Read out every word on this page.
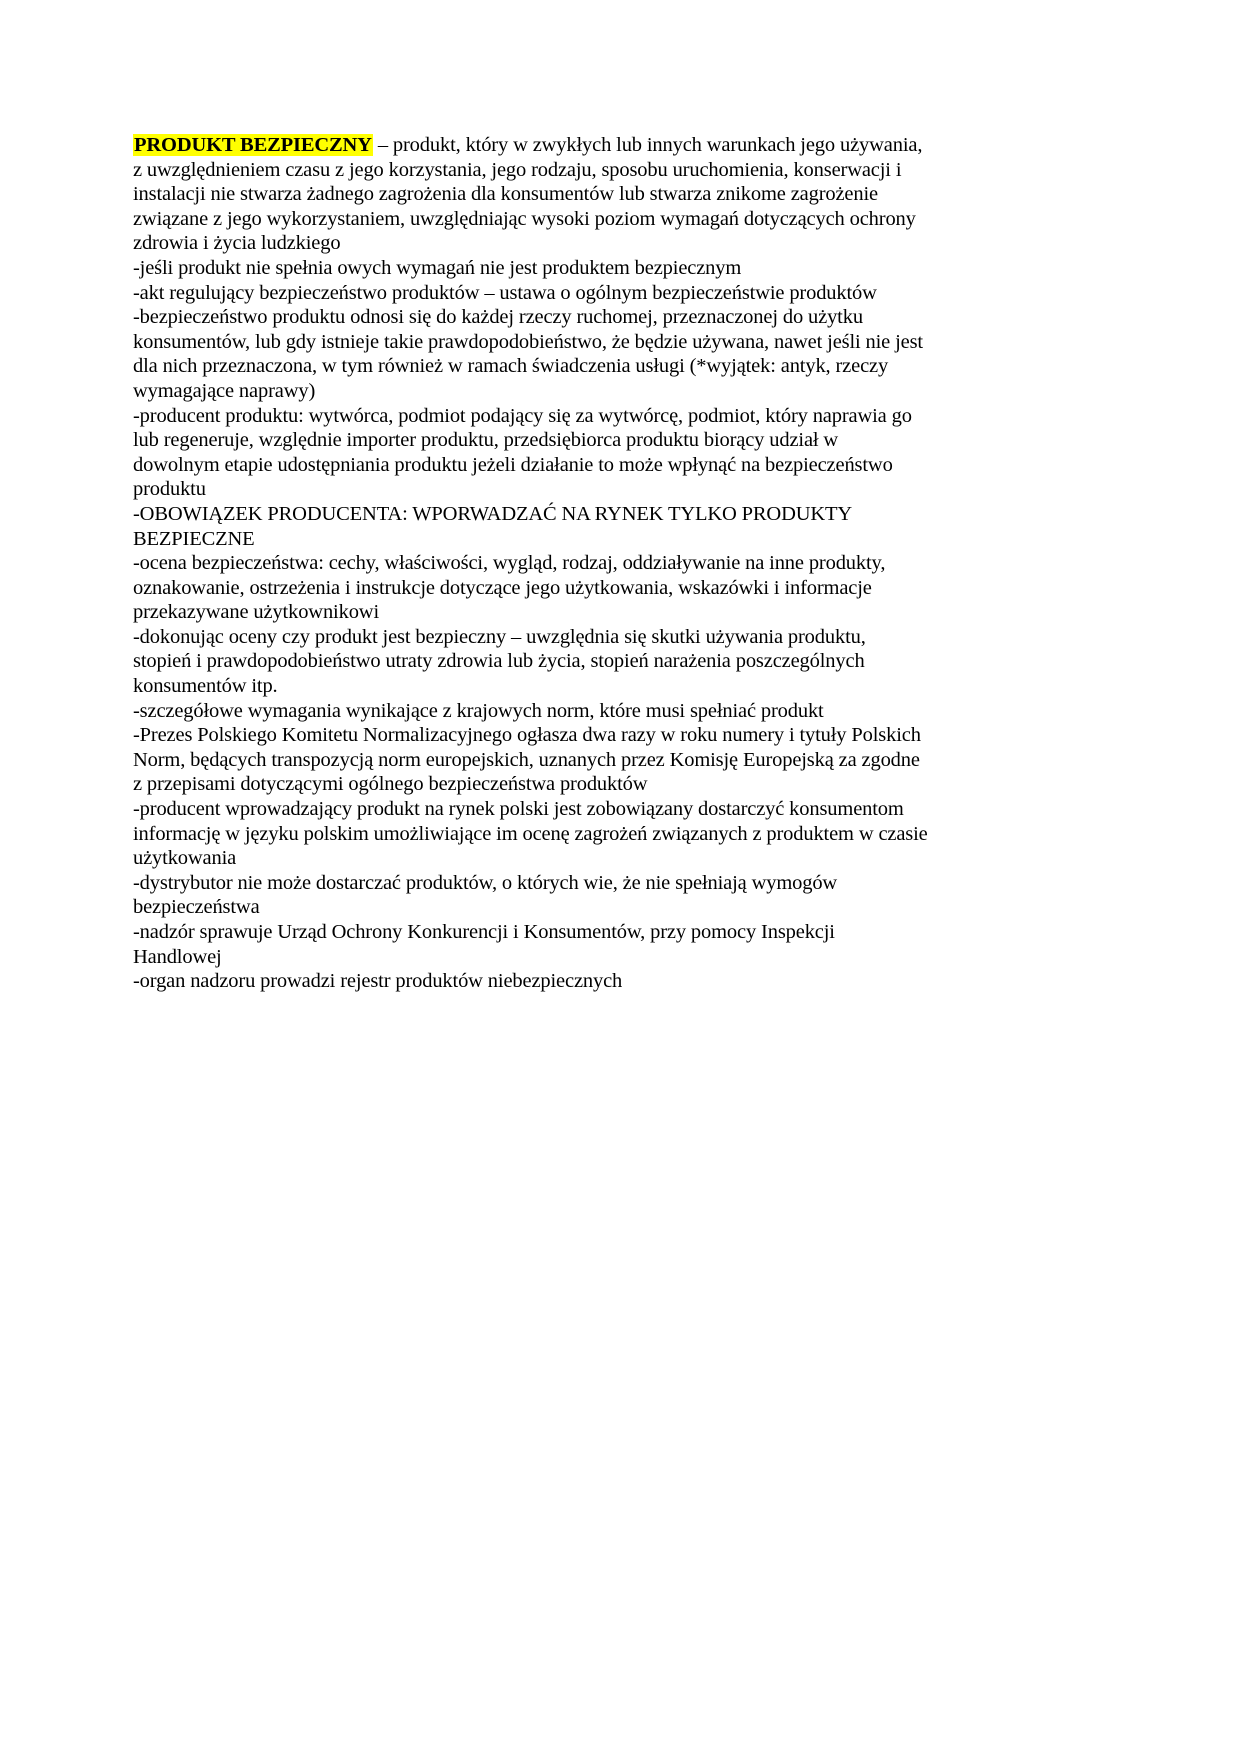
PRODUKT BEZPIECZNY – produkt, który w zwykłych lub innych warunkach jego używania,
z uwzględnieniem czasu z jego korzystania, jego rodzaju, sposobu uruchomienia, konserwacji i
instalacji nie stwarza żadnego zagrożenia dla konsumentów lub stwarza znikome zagrożenie
związane z jego wykorzystaniem, uwzględniając wysoki poziom wymagań dotyczących ochrony
zdrowia i życia ludzkiego
-jeśli produkt nie spełnia owych wymagań nie jest produktem bezpiecznym
-akt regulujący bezpieczeństwo produktów – ustawa o ogólnym bezpieczeństwie produktów
-bezpieczeństwo produktu odnosi się do każdej rzeczy ruchomej, przeznaczonej do użytku
konsumentów, lub gdy istnieje takie prawdopodobieństwo, że będzie używana, nawet jeśli nie jest
dla nich przeznaczona, w tym również w ramach świadczenia usługi (*wyjątek: antyk, rzeczy
wymagające naprawy)
-producent produktu: wytwórca, podmiot podający się za wytwórcę, podmiot, który naprawia go
lub regeneruje, względnie importer produktu, przedsiębiorca produktu biorący udział w
dowolnym etapie udostępniania produktu jeżeli działanie to może wpłynąć na bezpieczeństwo
produktu
-OBOWIĄZEK PRODUCENTA: WPORWADZAĆ NA RYNEK TYLKO PRODUKTY
BEZPIECZNE
-ocena bezpieczeństwa: cechy, właściwości, wygląd, rodzaj, oddziaływanie na inne produkty,
oznakowanie, ostrzeżenia i instrukcje dotyczące jego użytkowania, wskazówki i informacje
przekazywane użytkownikowi
-dokonując oceny czy produkt jest bezpieczny – uwzględnia się skutki używania produktu,
stopień i prawdopodobieństwo utraty zdrowia lub życia, stopień narażenia poszczególnych
konsumentów itp.
-szczegółowe wymagania wynikające z krajowych norm, które musi spełniać produkt
-Prezes Polskiego Komitetu Normalizacyjnego ogłasza dwa razy w roku numery i tytuły Polskich
Norm, będących transpozycją norm europejskich, uznanych przez Komisję Europejską za zgodne
z przepisami dotyczącymi ogólnego bezpieczeństwa produktów
-producent wprowadzający produkt na rynek polski jest zobowiązany dostarczyć konsumentom
informację w języku polskim umożliwiające im ocenę zagrożeń związanych z produktem w czasie
użytkowania
-dystrybutor nie może dostarczać produktów, o których wie, że nie spełniają wymogów
bezpieczeństwa
-nadzór sprawuje Urząd Ochrony Konkurencji i Konsumentów, przy pomocy Inspekcji
Handlowej
-organ nadzoru prowadzi rejestr produktów niebezpiecznych
